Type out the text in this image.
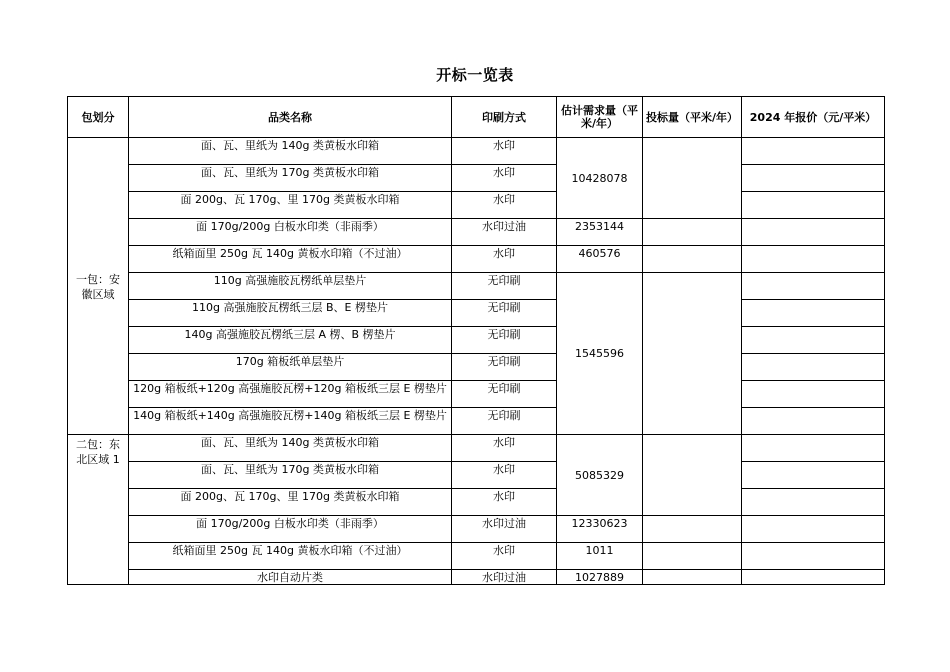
开标一览表
包划分	品类名称	印刷方式	估计需求量（平米/年）	投标量（平米/年）	2024 年报价（元/平米）
一包：安徽区域	面、瓦、里纸为 140g 类黄板水印箱	水印	10428078		
	面、瓦、里纸为 170g 类黄板水印箱	水印			
	面 200g、瓦 170g、里 170g 类黄板水印箱	水印			
	面 170g/200g 白板水印类（非雨季）	水印过油	2353144		
	纸箱面里 250g 瓦 140g 黄板水印箱（不过油）	水印	460576		
	110g 高强施胶瓦楞纸单层垫片	无印刷	1545596		
	110g 高强施胶瓦楞纸三层 B、E 楞垫片	无印刷			
	140g 高强施胶瓦楞纸三层 A 楞、B 楞垫片	无印刷			
	170g 箱板纸单层垫片	无印刷			
	120g 箱板纸+120g 高强施胶瓦楞+120g 箱板纸三层 E 楞垫片	无印刷			
	140g 箱板纸+140g 高强施胶瓦楞+140g 箱板纸三层 E 楞垫片	无印刷			
二包：东北区域 1	面、瓦、里纸为 140g 类黄板水印箱	水印	5085329		
	面、瓦、里纸为 170g 类黄板水印箱	水印			
	面 200g、瓦 170g、里 170g 类黄板水印箱	水印			
	面 170g/200g 白板水印类（非雨季）	水印过油	12330623		
	纸箱面里 250g 瓦 140g 黄板水印箱（不过油）	水印	1011		
	水印自动片类	水印过油	1027889		
